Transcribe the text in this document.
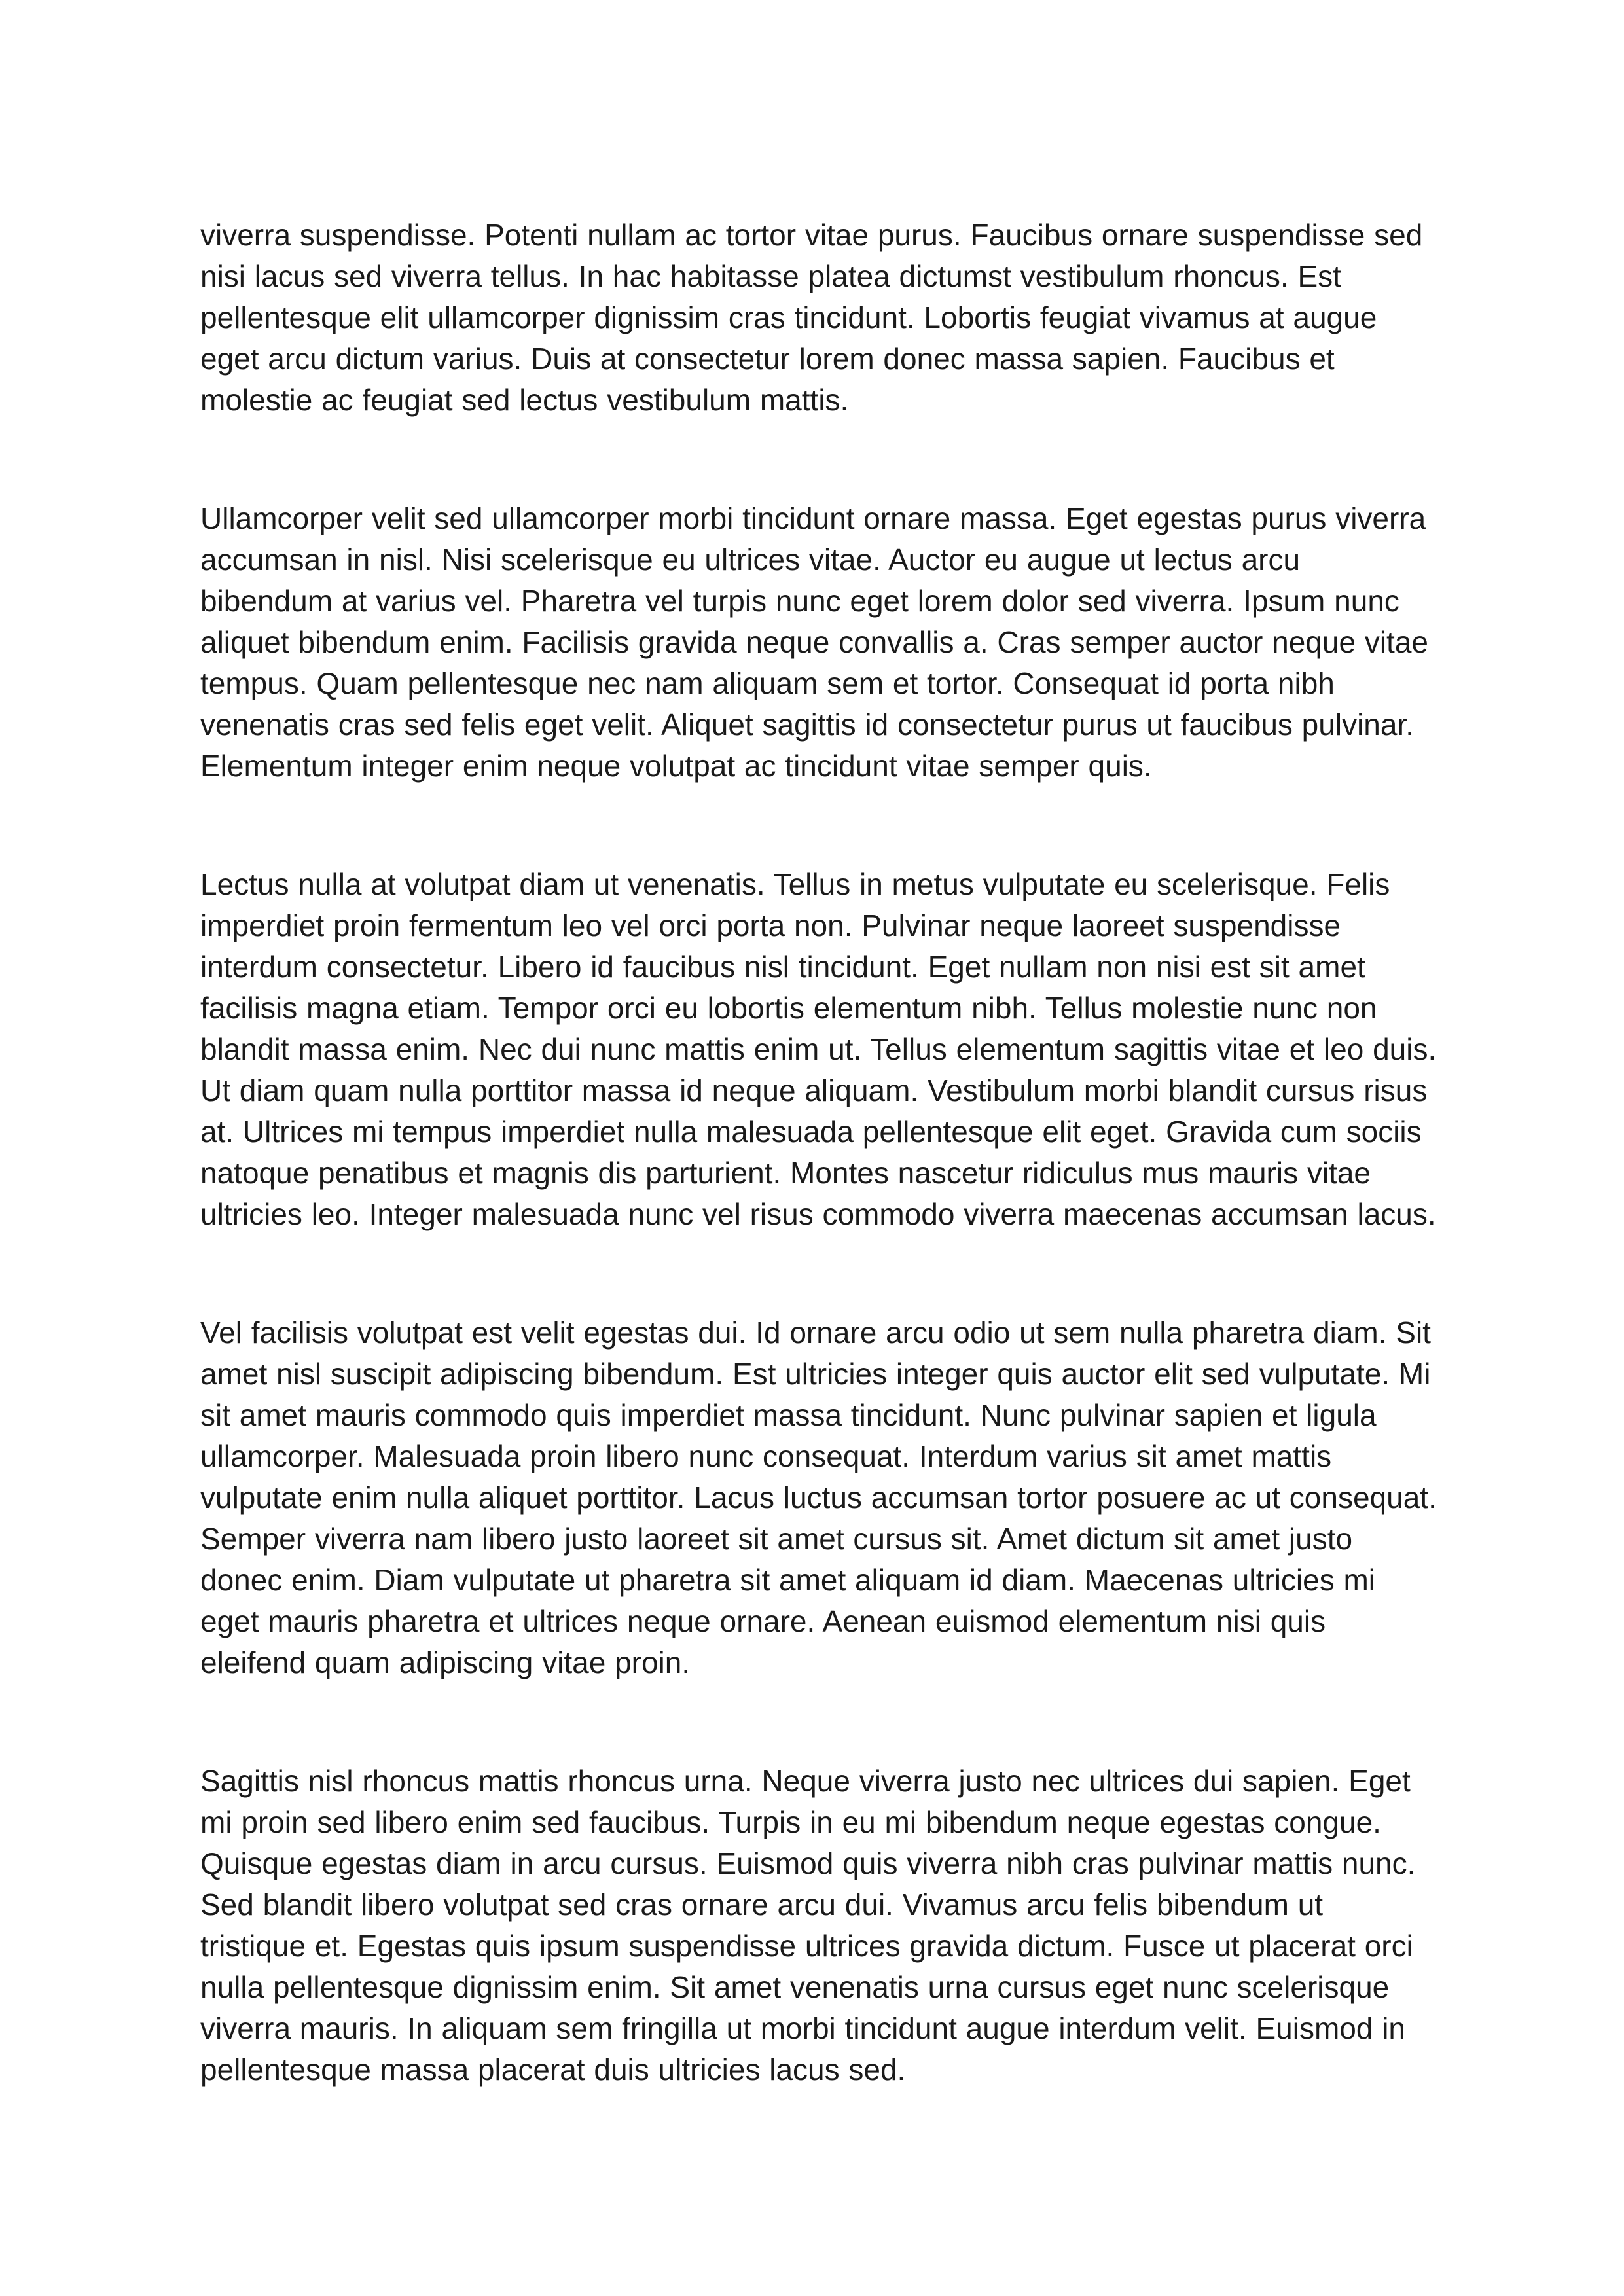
viverra suspendisse. Potenti nullam ac tortor vitae purus. Faucibus ornare suspendisse sed nisi lacus sed viverra tellus. In hac habitasse platea dictumst vestibulum rhoncus. Est pellentesque elit ullamcorper dignissim cras tincidunt. Lobortis feugiat vivamus at augue eget arcu dictum varius. Duis at consectetur lorem donec massa sapien. Faucibus et molestie ac feugiat sed lectus vestibulum mattis.

Ullamcorper velit sed ullamcorper morbi tincidunt ornare massa. Eget egestas purus viverra accumsan in nisl. Nisi scelerisque eu ultrices vitae. Auctor eu augue ut lectus arcu bibendum at varius vel. Pharetra vel turpis nunc eget lorem dolor sed viverra. Ipsum nunc aliquet bibendum enim. Facilisis gravida neque convallis a. Cras semper auctor neque vitae tempus. Quam pellentesque nec nam aliquam sem et tortor. Consequat id porta nibh venenatis cras sed felis eget velit. Aliquet sagittis id consectetur purus ut faucibus pulvinar. Elementum integer enim neque volutpat ac tincidunt vitae semper quis.

Lectus nulla at volutpat diam ut venenatis. Tellus in metus vulputate eu scelerisque. Felis imperdiet proin fermentum leo vel orci porta non. Pulvinar neque laoreet suspendisse interdum consectetur. Libero id faucibus nisl tincidunt. Eget nullam non nisi est sit amet facilisis magna etiam. Tempor orci eu lobortis elementum nibh. Tellus molestie nunc non blandit massa enim. Nec dui nunc mattis enim ut. Tellus elementum sagittis vitae et leo duis. Ut diam quam nulla porttitor massa id neque aliquam. Vestibulum morbi blandit cursus risus at. Ultrices mi tempus imperdiet nulla malesuada pellentesque elit eget. Gravida cum sociis natoque penatibus et magnis dis parturient. Montes nascetur ridiculus mus mauris vitae ultricies leo. Integer malesuada nunc vel risus commodo viverra maecenas accumsan lacus.

Vel facilisis volutpat est velit egestas dui. Id ornare arcu odio ut sem nulla pharetra diam. Sit amet nisl suscipit adipiscing bibendum. Est ultricies integer quis auctor elit sed vulputate. Mi sit amet mauris commodo quis imperdiet massa tincidunt. Nunc pulvinar sapien et ligula ullamcorper. Malesuada proin libero nunc consequat. Interdum varius sit amet mattis vulputate enim nulla aliquet porttitor. Lacus luctus accumsan tortor posuere ac ut consequat. Semper viverra nam libero justo laoreet sit amet cursus sit. Amet dictum sit amet justo donec enim. Diam vulputate ut pharetra sit amet aliquam id diam. Maecenas ultricies mi eget mauris pharetra et ultrices neque ornare. Aenean euismod elementum nisi quis eleifend quam adipiscing vitae proin.

Sagittis nisl rhoncus mattis rhoncus urna. Neque viverra justo nec ultrices dui sapien. Eget mi proin sed libero enim sed faucibus. Turpis in eu mi bibendum neque egestas congue. Quisque egestas diam in arcu cursus. Euismod quis viverra nibh cras pulvinar mattis nunc. Sed blandit libero volutpat sed cras ornare arcu dui. Vivamus arcu felis bibendum ut tristique et. Egestas quis ipsum suspendisse ultrices gravida dictum. Fusce ut placerat orci nulla pellentesque dignissim enim. Sit amet venenatis urna cursus eget nunc scelerisque viverra mauris. In aliquam sem fringilla ut morbi tincidunt augue interdum velit. Euismod in pellentesque massa placerat duis ultricies lacus sed.
